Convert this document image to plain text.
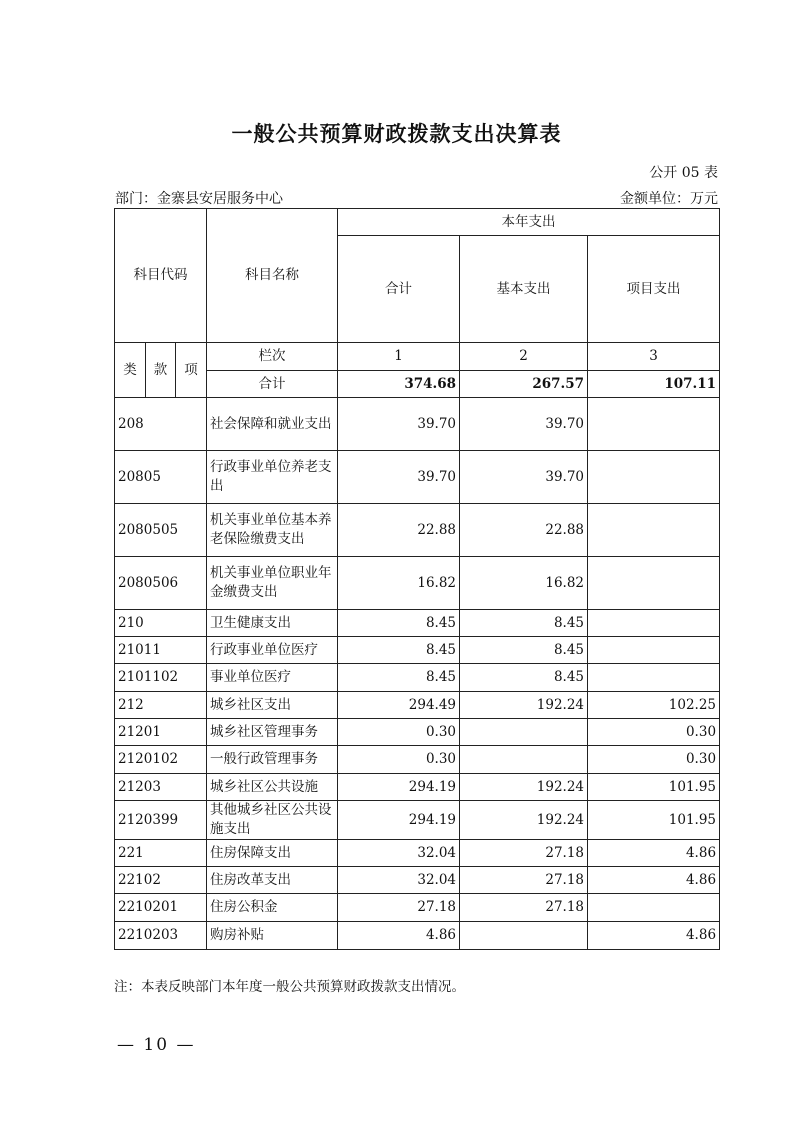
一般公共预算财政拨款支出决算表
公开 05 表
部门：金寨县安居服务中心	金额单位：万元
科目代码			科目名称	本年支出		
				合计	基本支出	项目支出

类	款	项	栏次	1	2	3
			合计	374.68	267.57	107.11
208			社会保障和就业支出	39.70	39.70	
20805			行政事业单位养老支出	39.70	39.70	
2080505			机关事业单位基本养老保险缴费支出	22.88	22.88	
2080506			机关事业单位职业年金缴费支出	16.82	16.82	
210			卫生健康支出	8.45	8.45	
21011			行政事业单位医疗	8.45	8.45	
2101102			事业单位医疗	8.45	8.45	
212			城乡社区支出	294.49	192.24	102.25
21201			城乡社区管理事务	0.30		0.30
2120102			一般行政管理事务	0.30		0.30
21203			城乡社区公共设施	294.19	192.24	101.95
2120399			其他城乡社区公共设施支出	294.19	192.24	101.95
221			住房保障支出	32.04	27.18	4.86
22102			住房改革支出	32.04	27.18	4.86
2210201			住房公积金	27.18	27.18	
2210203			购房补贴	4.86		4.86
注：本表反映部门本年度一般公共预算财政拨款支出情况。
— 10 —
